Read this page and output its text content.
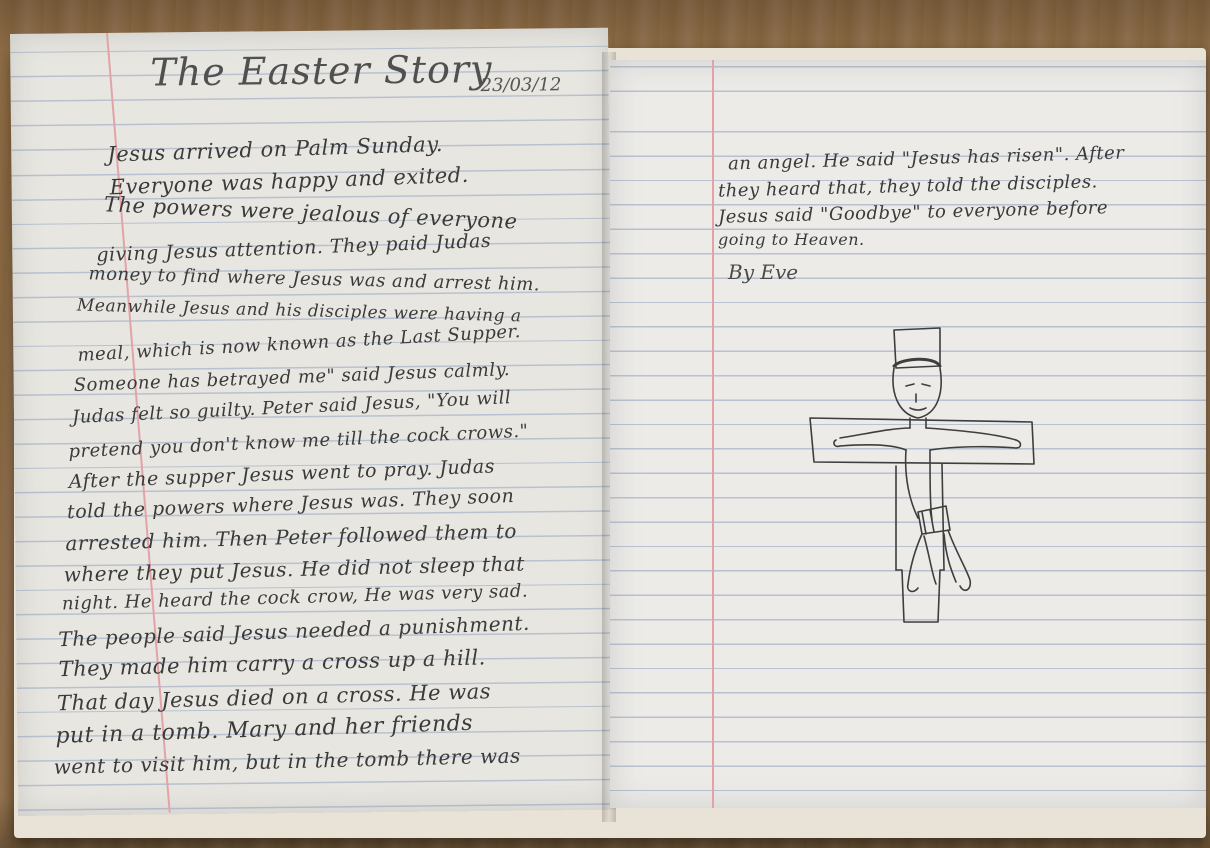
The Easter Story
23/03/12
Jesus arrived on Palm Sunday.
Everyone was happy and exited.
The powers were jealous of everyone
giving Jesus attention. They paid Judas
money to find where Jesus was and arrest him.
Meanwhile Jesus and his disciples were having a
meal, which is now known as the Last Supper.
Someone has betrayed me" said Jesus calmly.
Judas felt so guilty. Peter said Jesus, "You will
pretend you don't know me till the cock crows."
After the supper Jesus went to pray. Judas
told the powers where Jesus was. They soon
arrested him. Then Peter followed them to
where they put Jesus. He did not sleep that
night. He heard the cock crow, He was very sad.
The people said Jesus needed a punishment.
They made him carry a cross up a hill.
That day Jesus died on a cross. He was
put in a tomb. Mary and her friends
went to visit him, but in the tomb there was
an angel. He said "Jesus has risen". After
they heard that, they told the disciples.
Jesus said "Goodbye" to everyone before
going to Heaven.
By Eve
